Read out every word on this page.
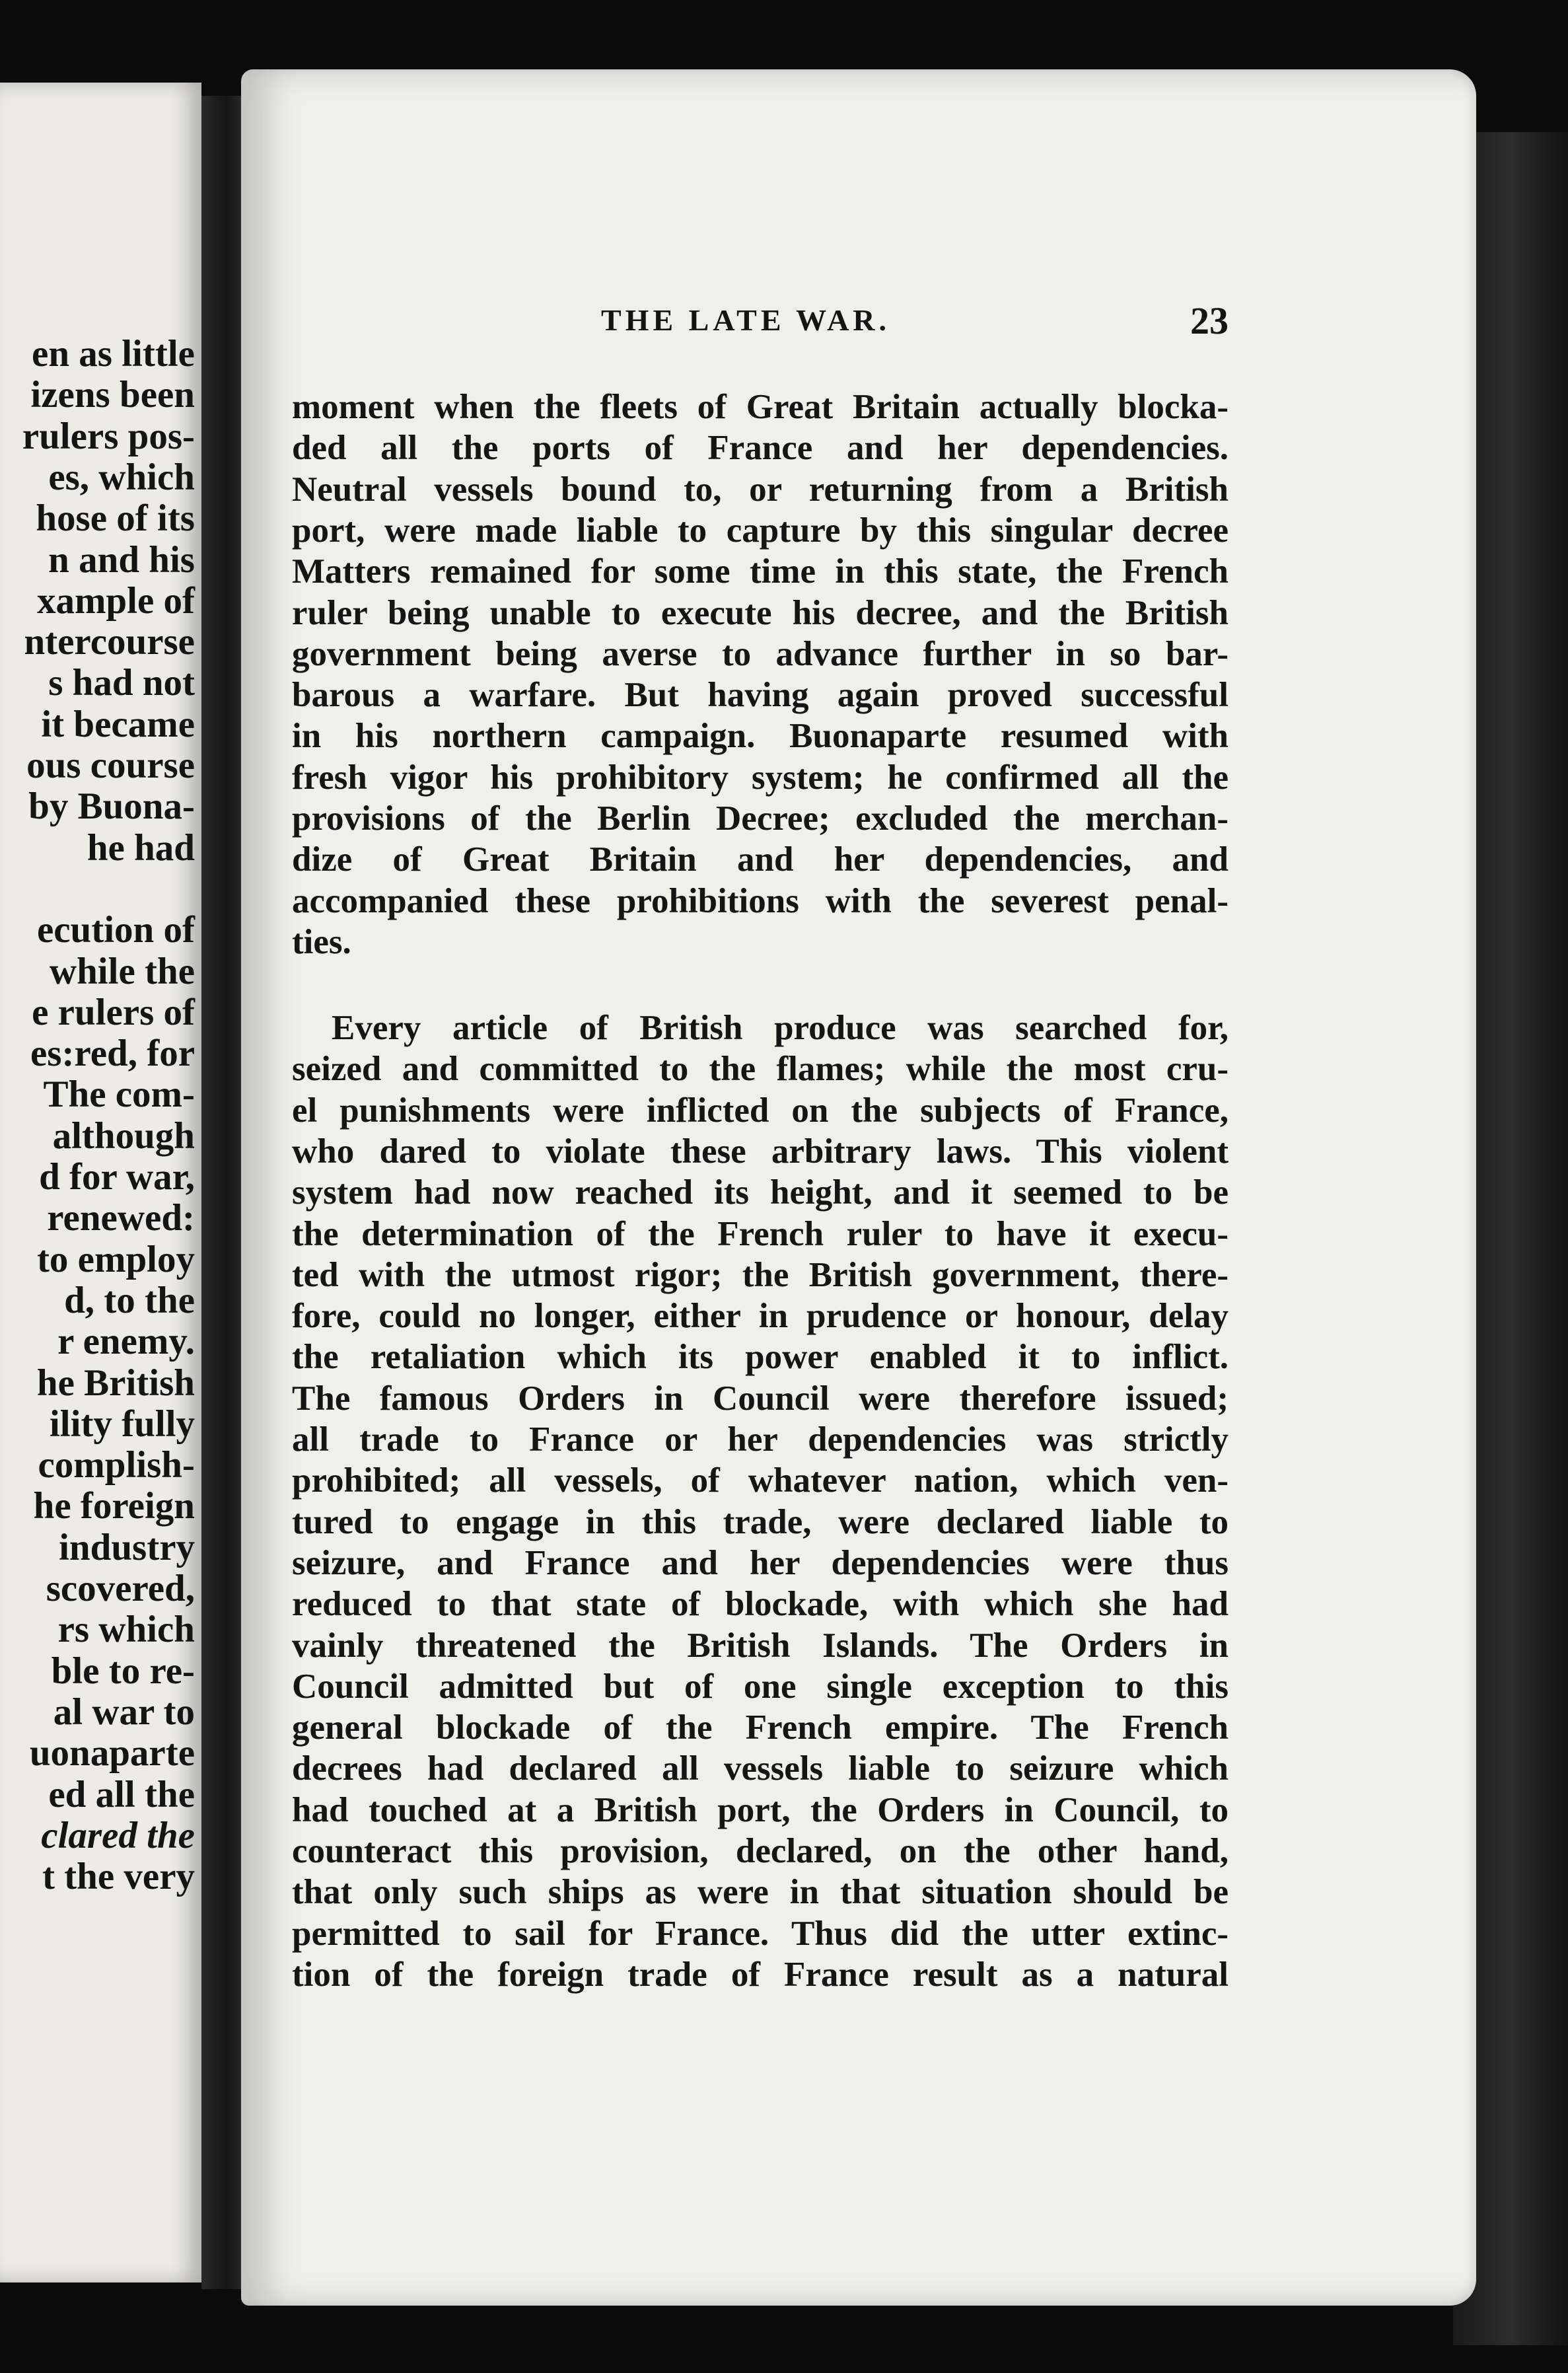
en as little
izens been
rulers pos-
es, which
hose of its
n and his
xample of
ntercourse
s had not
it became
ous course
by Buona-
he had
ecution of
while the
e rulers of
es:red, for
The com-
although
d for war,
renewed:
to employ
d, to the
r enemy.
he British
ility fully
complish-
he foreign
industry
scovered,
rs which
ble to re-
al war to
uonaparte
ed all the
clared the
t the very
THE LATE WAR.	23
moment when the fleets of Great Britain actually blocka-
ded all the ports of France and her dependencies.
Neutral vessels bound to, or returning from a British
port, were made liable to capture by this singular decree
Matters remained for some time in this state, the French
ruler being unable to execute his decree, and the British
government being averse to advance further in so bar-
barous a warfare. But having again proved successful
in his northern campaign. Buonaparte resumed with
fresh vigor his prohibitory system; he confirmed all the
provisions of the Berlin Decree; excluded the merchan-
dize of Great Britain and her dependencies, and
accompanied these prohibitions with the severest penal-
ties.
Every article of British produce was searched for,
seized and committed to the flames; while the most cru-
el punishments were inflicted on the subjects of France,
who dared to violate these arbitrary laws. This violent
system had now reached its height, and it seemed to be
the determination of the French ruler to have it execu-
ted with the utmost rigor; the British government, there-
fore, could no longer, either in prudence or honour, delay
the retaliation which its power enabled it to inflict.
The famous Orders in Council were therefore issued;
all trade to France or her dependencies was strictly
prohibited; all vessels, of whatever nation, which ven-
tured to engage in this trade, were declared liable to
seizure, and France and her dependencies were thus
reduced to that state of blockade, with which she had
vainly threatened the British Islands. The Orders in
Council admitted but of one single exception to this
general blockade of the French empire. The French
decrees had declared all vessels liable to seizure which
had touched at a British port, the Orders in Council, to
counteract this provision, declared, on the other hand,
that only such ships as were in that situation should be
permitted to sail for France. Thus did the utter extinc-
tion of the foreign trade of France result as a natural
